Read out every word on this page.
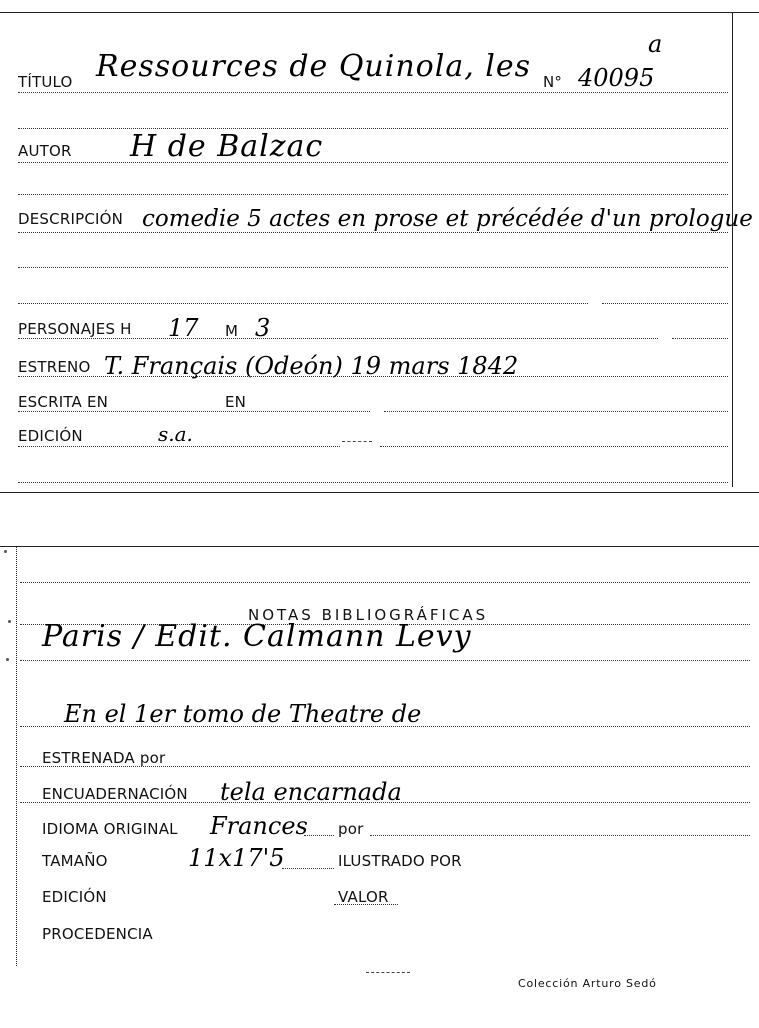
TÍTULO Ressources de Quinola, les N° 40095
a
AUTOR H de Balzac
DESCRIPCIÓN comedie 5 actes en prose et précédée d'un prologue
PERSONAJES H 17 M 3
ESTRENO T. Français (Odeón) 19 mars 1842
ESCRITA EN	EN
EDICIÓN	s.a.
NOTAS BIBLIOGRÁFICAS
Paris / Edit. Calmann Levy
En el 1er tomo de Theatre de
ESTRENADA por
ENCUADERNACIÓN tela encarnada
IDIOMA ORIGINAL Frances por
TAMAÑO	11x17'5	ILUSTRADO POR
EDICIÓN	VALOR
PROCEDENCIA
Colección Arturo Sedó
